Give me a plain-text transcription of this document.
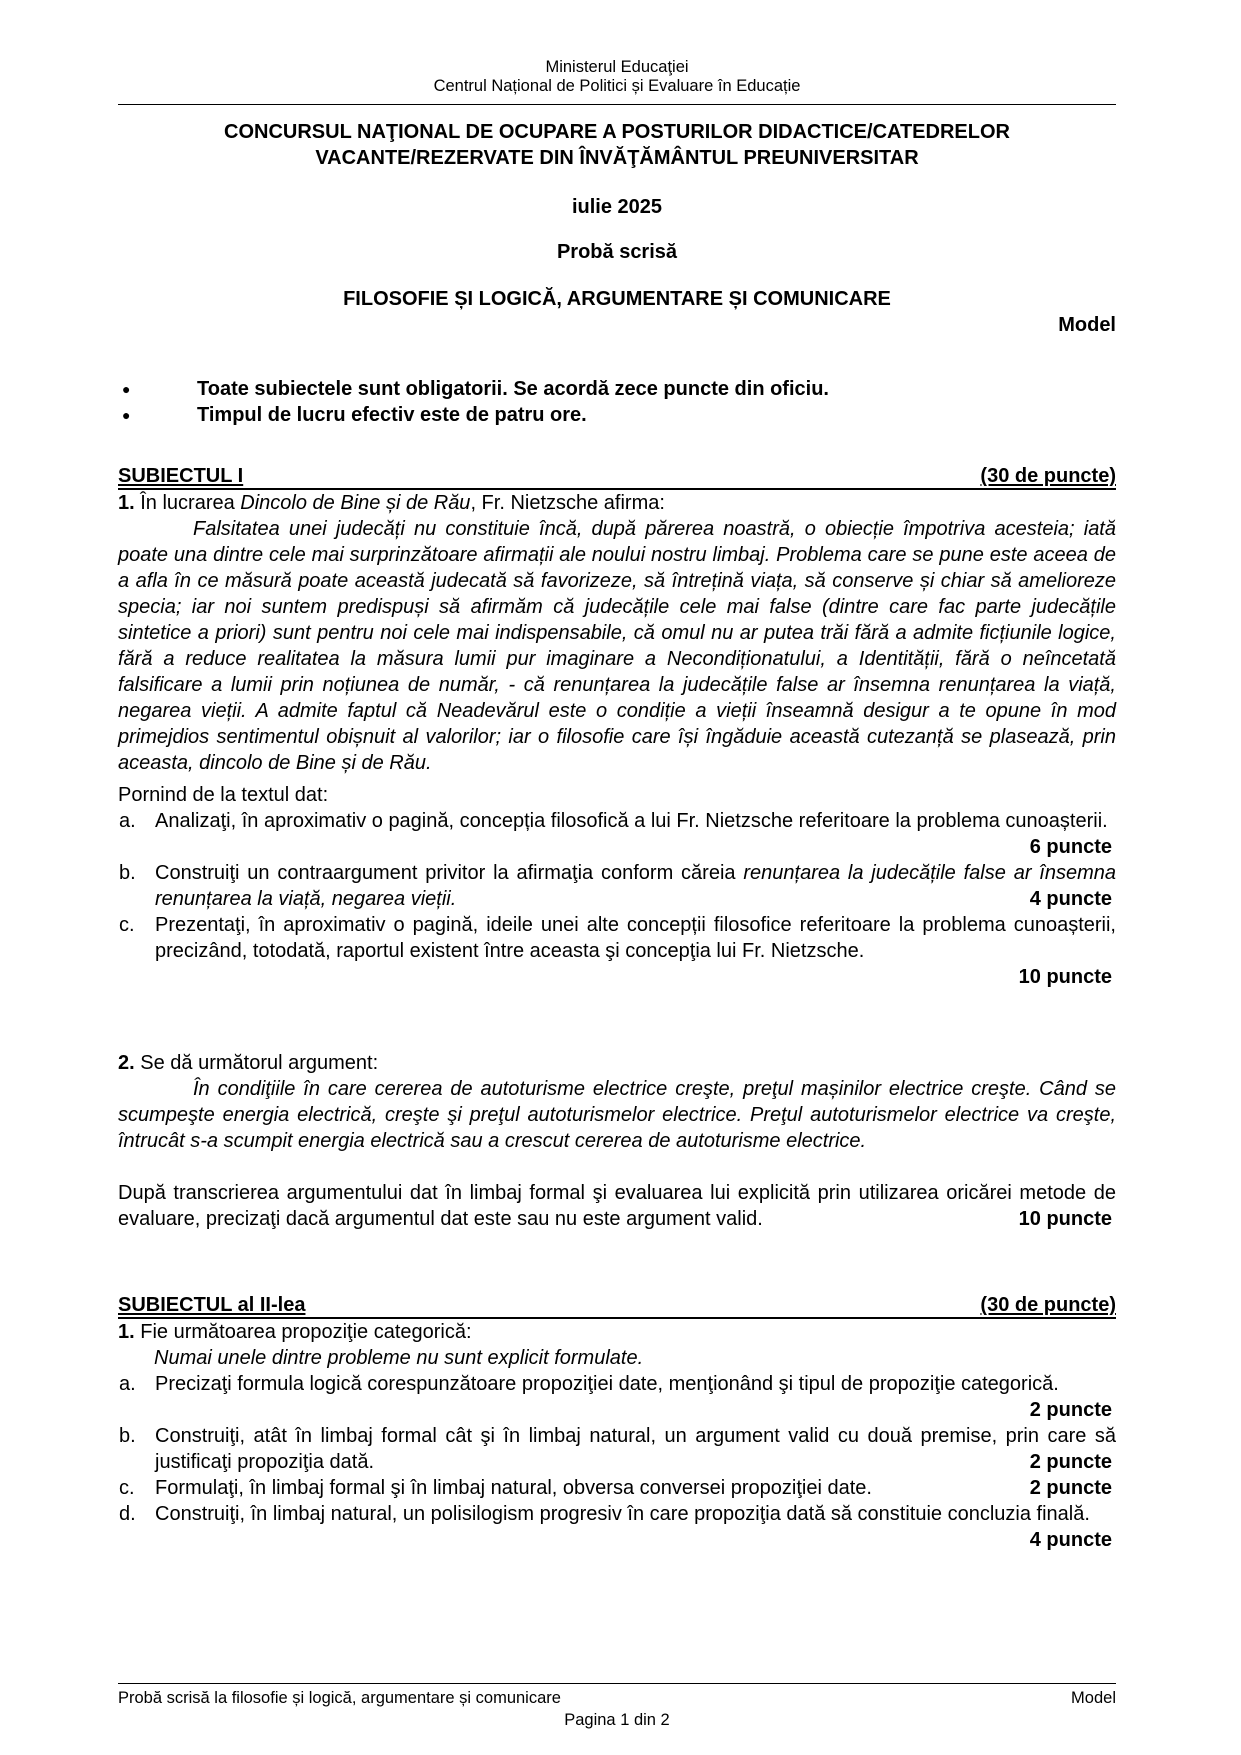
Ministerul Educaţiei
Centrul Național de Politici și Evaluare în Educație
CONCURSUL NAŢIONAL DE OCUPARE A POSTURILOR DIDACTICE/CATEDRELOR
VACANTE/REZERVATE DIN ÎNVĂŢĂMÂNTUL PREUNIVERSITAR
iulie 2025
Probă scrisă
FILOSOFIE ȘI LOGICĂ, ARGUMENTARE ȘI COMUNICARE
Model
●	Toate subiectele sunt obligatorii. Se acordă zece puncte din oficiu.
●	Timpul de lucru efectiv este de patru ore.
SUBIECTUL I	(30 de puncte)
1. În lucrarea Dincolo de Bine și de Rău, Fr. Nietzsche afirma:

Falsitatea unei judecăți nu constituie încă, după părerea noastră, o obiecție împotriva acesteia; iată poate una dintre cele mai surprinzătoare afirmații ale noului nostru limbaj. Problema care se pune este aceea de a afla în ce măsură poate această judecată să favorizeze, să întrețină viața, să conserve și chiar să amelioreze specia; iar noi suntem predispuși să afirmăm că judecățile cele mai false (dintre care fac parte judecățile sintetice a priori) sunt pentru noi cele mai indispensabile, că omul nu ar putea trăi fără a admite ficțiunile logice, fără a reduce realitatea la măsura lumii pur imaginare a Necondiționatului, a Identității, fără o neîncetată falsificare a lumii prin noțiunea de număr, - că renunțarea la judecățile false ar însemna renunțarea la viață, negarea vieții. A admite faptul că Neadevărul este o condiție a vieții înseamnă desigur a te opune în mod primejdios sentimentul obișnuit al valorilor; iar o filosofie care își îngăduie această cutezanță se plasează, prin aceasta, dincolo de Bine și de Rău.

Pornind de la textul dat:
a. Analizaţi, în aproximativ o pagină, concepția filosofică a lui Fr. Nietzsche referitoare la problema cunoașterii.
6 puncte
b. Construiţi un contraargument privitor la afirmaţia conform căreia renunțarea la judecățile false ar însemna renunțarea la viață, negarea vieții.	4 puncte
c.	Prezentaţi, în aproximativ o pagină, ideile unei alte concepții filosofice referitoare la problema cunoașterii, precizând, totodată, raportul existent între aceasta şi concepţia lui Fr. Nietzsche.
10 puncte
2. Se dă următorul argument:

În condiţiile în care cererea de autoturisme electrice creşte, preţul mașinilor electrice creşte. Când se scumpeşte energia electrică, creşte şi preţul autoturismelor electrice. Preţul autoturismelor electrice va creşte, întrucât s-a scumpit energia electrică sau a crescut cererea de autoturisme electrice.

După transcrierea argumentului dat în limbaj formal şi evaluarea lui explicită prin utilizarea oricărei metode de evaluare, precizaţi dacă argumentul dat este sau nu este argument valid.	10 puncte
SUBIECTUL al II-lea	(30 de puncte)
1. Fie următoarea propoziţie categorică:
Numai unele dintre probleme nu sunt explicit formulate.
a. Precizaţi formula logică corespunzătoare propoziţiei date, menţionând şi tipul de propoziţie categorică.
2 puncte
b. Construiţi, atât în limbaj formal cât şi în limbaj natural, un argument valid cu două premise, prin care să justificaţi propoziţia dată.	2 puncte
c.	Formulaţi, în limbaj formal şi în limbaj natural, obversa conversei propoziţiei date.	2 puncte
d. Construiţi, în limbaj natural, un polisilogism progresiv în care propoziţia dată să constituie concluzia finală.
4 puncte
Probă scrisă la filosofie și logică, argumentare și comunicare	Model
Pagina 1 din 2
